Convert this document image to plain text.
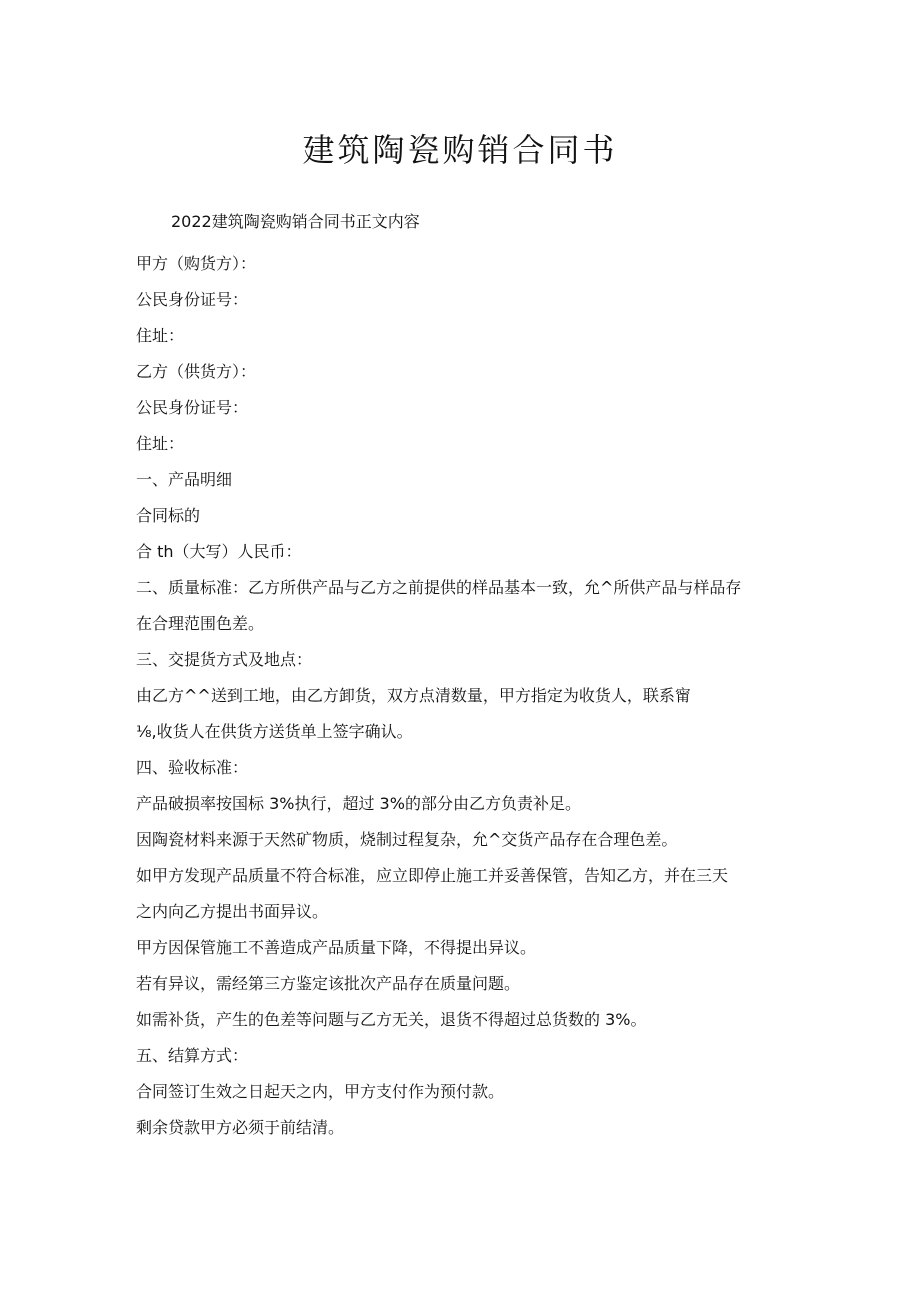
建筑陶瓷购销合同书
2022建筑陶瓷购销合同书正文内容

甲方（购货方）：

公民身份证号：

住址：

乙方（供货方）：

公民身份证号：

住址：

一、产品明细

合同标的

合 th（大写）人民币：

二、质量标准：乙方所供产品与乙方之前提供的样品基本一致，允^所供产品与样品存

在合理范围色差。

三、交提货方式及地点：

由乙方^^送到工地，由乙方卸货，双方点清数量，甲方指定为收货人，联系甯

⅛,收货人在供货方送货单上签字确认。

四、验收标准：

产品破损率按国标 3%执行，超过 3%的部分由乙方负责补足。

因陶瓷材料来源于天然矿物质，烧制过程复杂，允^交货产品存在合理色差。

如甲方发现产品质量不符合标准，应立即停止施工并妥善保管，告知乙方，并在三天

之内向乙方提出书面异议。

甲方因保管施工不善造成产品质量下降，不得提出异议。

若有异议，需经第三方鉴定该批次产品存在质量问题。

如需补货，产生的色差等问题与乙方无关，退货不得超过总货数的 3%。

五、结算方式：

合同签订生效之日起天之内，甲方支付作为预付款。

剩余贷款甲方必须于前结清。
